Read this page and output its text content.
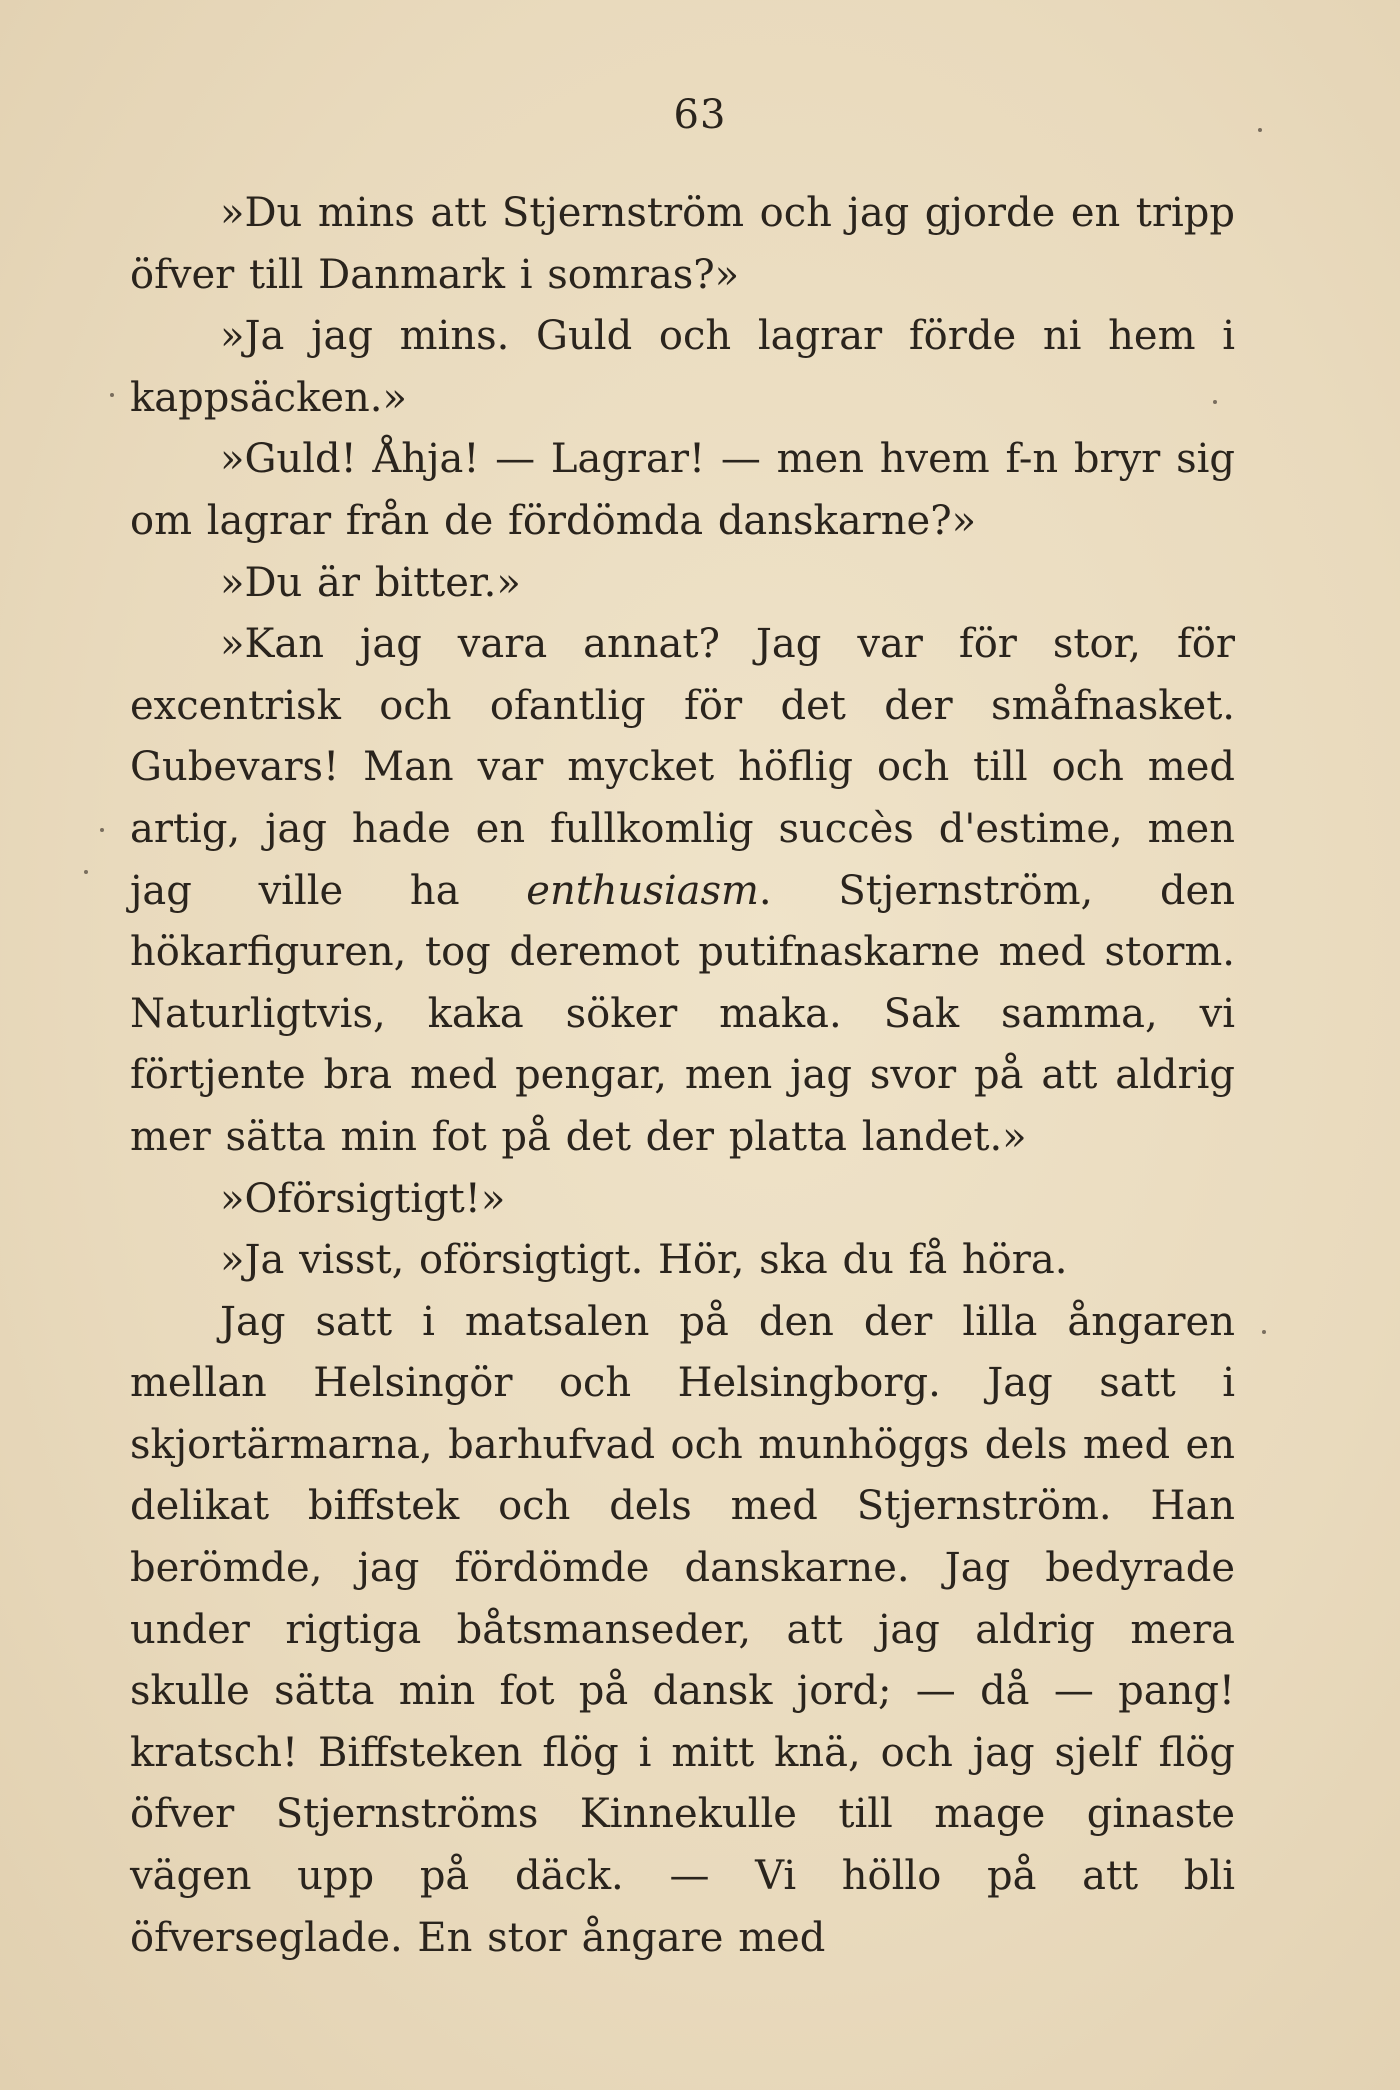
63

»Du mins att Stjernström och jag gjorde en tripp öfver till Danmark i somras?»

»Ja jag mins. Guld och lagrar förde ni hem i kappsäcken.»

»Guld! Åhja! — Lagrar! — men hvem f-n bryr sig om lagrar från de fördömda danskarne?»

»Du är bitter.»

»Kan jag vara annat? Jag var för stor, för excentrisk och ofantlig för det der småfnasket. Gubevars! Man var mycket höflig och till och med artig, jag hade en fullkomlig succès d'estime, men jag ville ha enthusiasm. Stjernström, den hökarfiguren, tog deremot putifnaskarne med storm. Naturligtvis, kaka söker maka. Sak samma, vi förtjente bra med pengar, men jag svor på att aldrig mer sätta min fot på det der platta landet.»

»Oförsigtigt!»

»Ja visst, oförsigtigt. Hör, ska du få höra.

Jag satt i matsalen på den der lilla ångaren mellan Helsingör och Helsingborg. Jag satt i skjortärmarna, barhufvad och munhöggs dels med en delikat biffstek och dels med Stjernström. Han berömde, jag fördömde danskarne. Jag bedyrade under rigtiga båtsmanseder, att jag aldrig mera skulle sätta min fot på dansk jord; — då — pang! kratsch! Biffsteken flög i mitt knä, och jag sjelf flög öfver Stjernströms Kinnekulle till mage ginaste vägen upp på däck. — Vi höllo på att bli öfverseglade. En stor ångare med
